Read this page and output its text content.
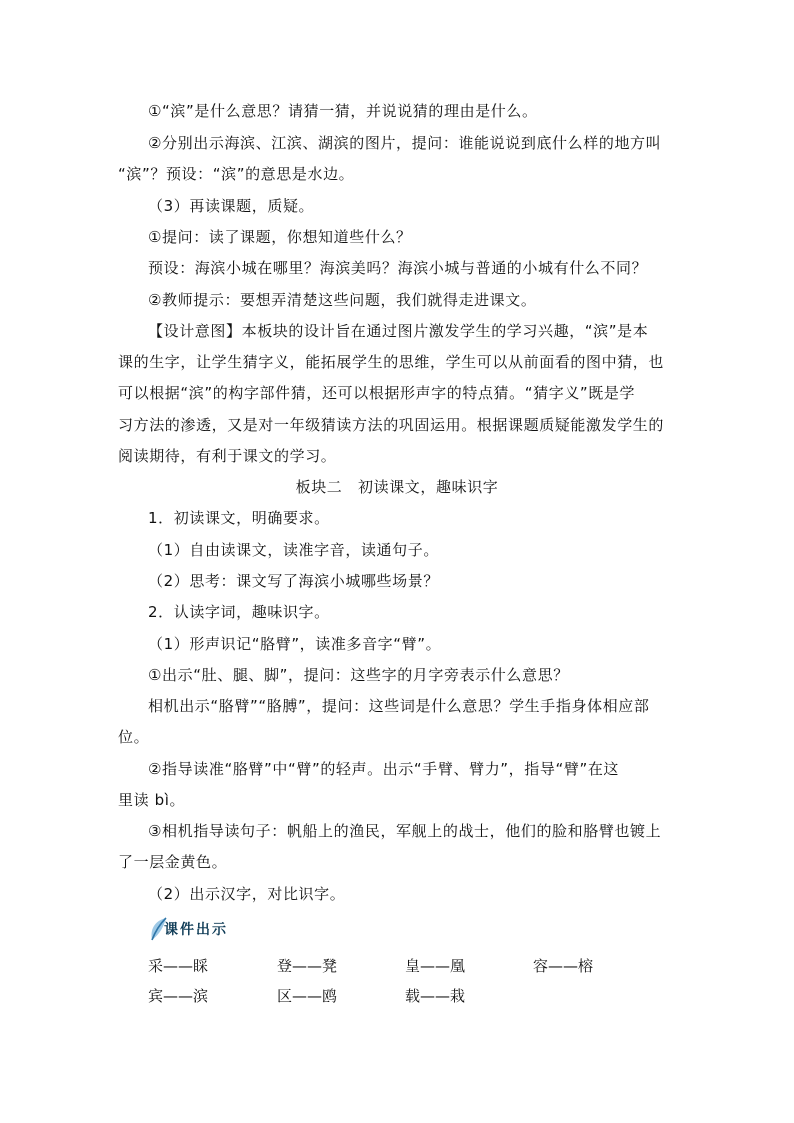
①“滨”是什么意思？请猜一猜，并说说猜的理由是什么。
②分别出示海滨、江滨、湖滨的图片，提问：谁能说说到底什么样的地方叫
“滨”？预设：“滨”的意思是水边。
（3）再读课题，质疑。
①提问：读了课题，你想知道些什么？
预设：海滨小城在哪里？海滨美吗？海滨小城与普通的小城有什么不同？
②教师提示：要想弄清楚这些问题，我们就得走进课文。
【设计意图】本板块的设计旨在通过图片激发学生的学习兴趣，“滨”是本
课的生字，让学生猜字义，能拓展学生的思维，学生可以从前面看的图中猜，也
可以根据“滨”的构字部件猜，还可以根据形声字的特点猜。“猜字义”既是学
习方法的渗透，又是对一年级猜读方法的巩固运用。根据课题质疑能激发学生的
阅读期待，有利于课文的学习。
板块二　初读课文，趣味识字
1．初读课文，明确要求。
（1）自由读课文，读准字音，读通句子。
（2）思考：课文写了海滨小城哪些场景？
2．认读字词，趣味识字。
（1）形声识记“胳臂”，读准多音字“臂”。
①出示“肚、腿、脚”，提问：这些字的月字旁表示什么意思？
相机出示“胳臂”“胳膊”，提问：这些词是什么意思？学生手指身体相应部
位。
②指导读准“胳臂”中“臂”的轻声。出示“手臂、臂力”，指导“臂”在这
里读 bì。
③相机指导读句子：帆船上的渔民，军舰上的战士，他们的脸和胳臂也镀上
了一层金黄色。
（2）出示汉字，对比识字。
课件出示
采——睬	登——凳	皇——凰	容——榕
宾——滨	区——鸥	载——栽
